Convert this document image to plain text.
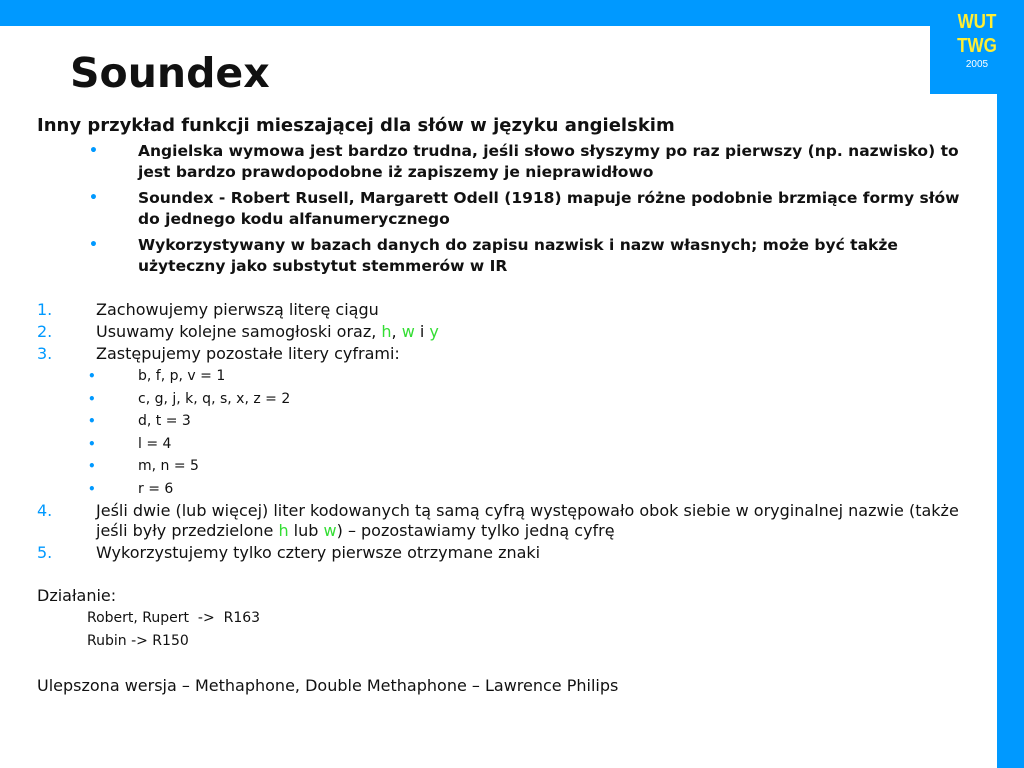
WUT
TWG
2005
Soundex

Inny przykład funkcji mieszającej dla słów w języku angielskim

•	Angielska wymowa jest bardzo trudna, jeśli słowo słyszymy po raz pierwszy (np. nazwisko) to jest bardzo prawdopodobne iż zapiszemy je nieprawidłowo

•	Soundex - Robert Rusell, Margarett Odell (1918) mapuje różne podobnie brzmiące formy słów do jednego kodu alfanumerycznego

•	Wykorzystywany w bazach danych do zapisu nazwisk i nazw własnych; może być także użyteczny jako substytut stemmerów w IR

1.	Zachowujemy pierwszą literę ciągu

2.	Usuwamy kolejne samogłoski oraz, h, w i y

3.	Zastępujemy pozostałe litery cyframi:

•	b, f, p, v = 1

•	c, g, j, k, q, s, x, z = 2

•	d, t = 3

•	l = 4

•	m, n = 5

•	r = 6

4.	Jeśli dwie (lub więcej) liter kodowanych tą samą cyfrą występowało obok siebie w oryginalnej nazwie (także jeśli były przedzielone h lub w) – pozostawiamy tylko jedną cyfrę

5.	Wykorzystujemy tylko cztery pierwsze otrzymane znaki

Działanie:

Robert, Rupert  ->  R163
Rubin -> R150

Ulepszona wersja – Methaphone, Double Methaphone – Lawrence Philips
